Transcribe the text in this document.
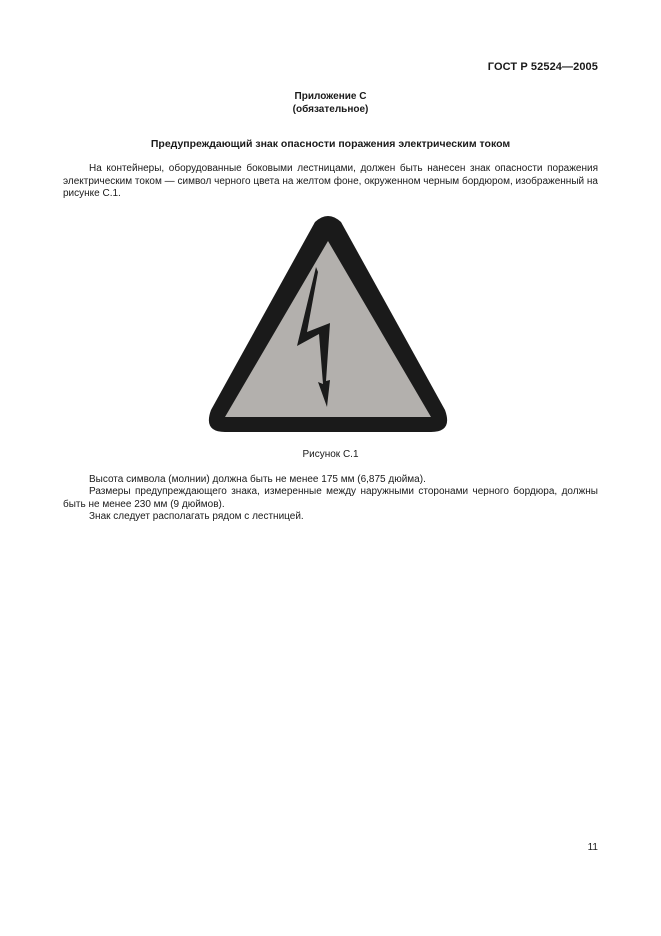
ГОСТ Р 52524—2005
Приложение С
(обязательное)
Предупреждающий знак опасности поражения электрическим током
На контейнеры, оборудованные боковыми лестницами, должен быть нанесен знак опасности поражения электрическим током — символ черного цвета на желтом фоне, окруженном черным бордюром, изображенный на рисунке С.1.
Рисунок С.1
Высота символа (молнии) должна быть не менее 175 мм (6,875 дюйма).
Размеры предупреждающего знака, измеренные между наружными сторонами черного бордюра, должны быть не менее 230 мм (9 дюймов).
Знак следует располагать рядом с лестницей.
11
